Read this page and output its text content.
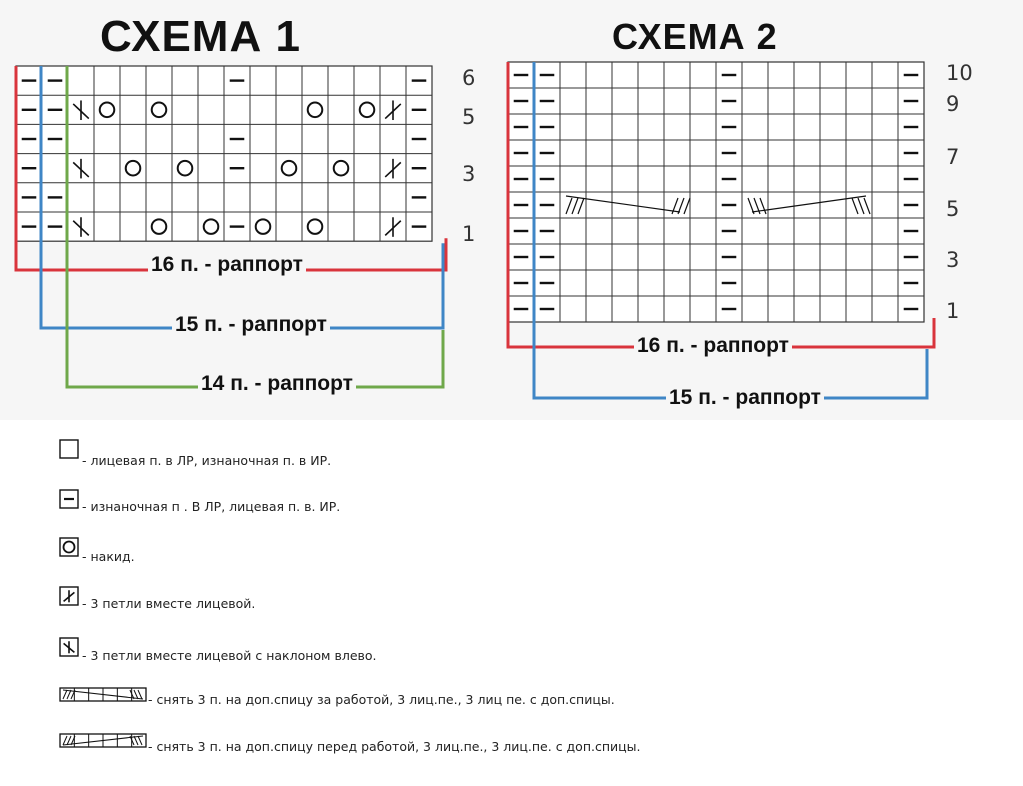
СХЕМА 1	СХЕМА 2
6
5
3
1
10
9
7
5
3
1
16 п. - раппорт
15 п. - раппорт
14 п. - раппорт
16 п. - раппорт
15 п. - раппорт
- лицевая п. в ЛР, изнаночная п. в ИР.
- изнаночная п . В ЛР, лицевая п. в. ИР.
- накид.
- 3 петли вместе лицевой.
- 3 петли вместе лицевой с наклоном влево.
- снять 3 п. на доп.спицу за работой, 3 лиц.пе., 3 лиц пе. с доп.спицы.
- снять 3 п. на доп.спицу перед работой, 3 лиц.пе., 3 лиц.пе. с доп.спицы.
